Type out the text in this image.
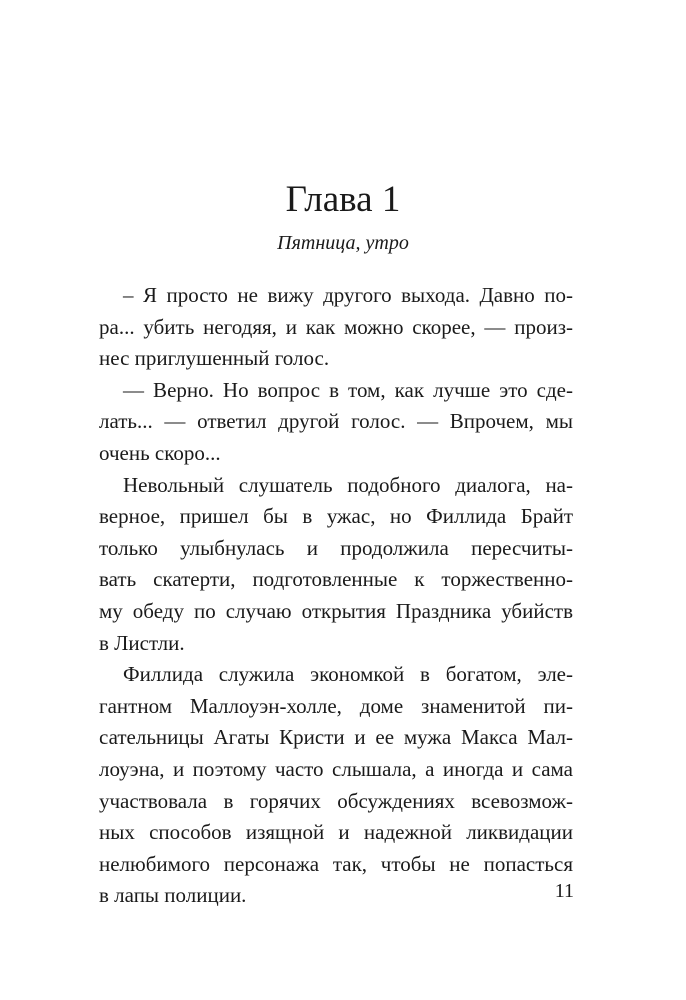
Глава 1

Пятница, утро

– Я просто не вижу другого выхода. Давно по-
ра... убить негодяя, и как можно скорее, — произ-
нес приглушенный голос.
— Верно. Но вопрос в том, как лучше это сде-
лать... — ответил другой голос. — Впрочем, мы
очень скоро...
Невольный слушатель подобного диалога, на-
верное, пришел бы в ужас, но Филлида Брайт
только улыбнулась и продолжила пересчиты-
вать скатерти, подготовленные к торжественно-
му обеду по случаю открытия Праздника убийств
в Листли.
Филлида служила экономкой в богатом, эле-
гантном Маллоуэн-холле, доме знаменитой пи-
сательницы Агаты Кристи и ее мужа Макса Мал-
лоуэна, и поэтому часто слышала, а иногда и сама
участвовала в горячих обсуждениях всевозмож-
ных способов изящной и надежной ликвидации
нелюбимого персонажа так, чтобы не попасться
в лапы полиции.	11
